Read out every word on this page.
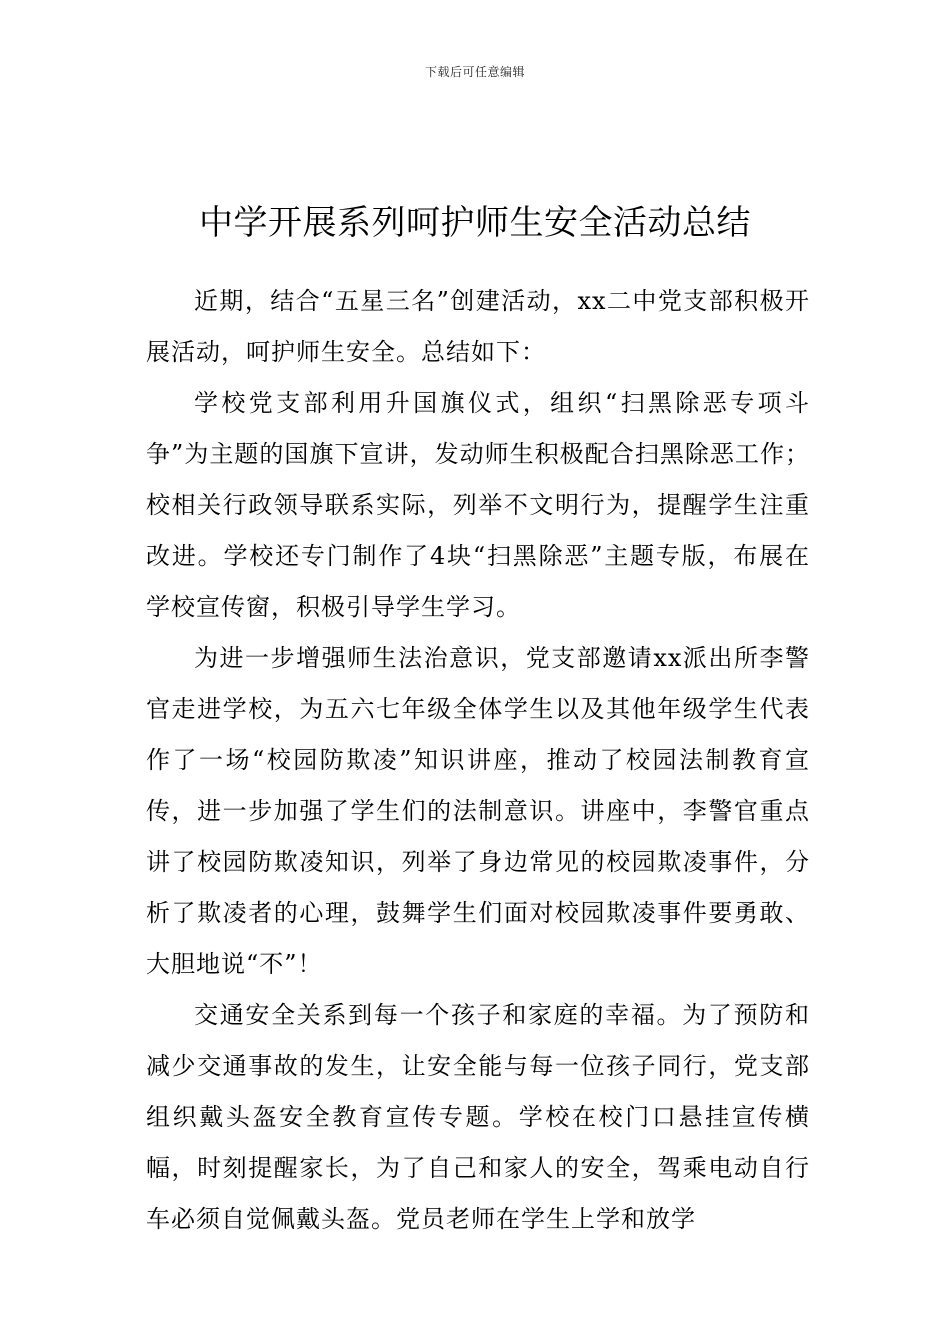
下载后可任意编辑
中学开展系列呵护师生安全活动总结

近期，结合“五星三名”创建活动，xx二中党支部积极开展活动，呵护师生安全。总结如下：

学校党支部利用升国旗仪式，组织“扫黑除恶专项斗争”为主题的国旗下宣讲，发动师生积极配合扫黑除恶工作；校相关行政领导联系实际，列举不文明行为，提醒学生注重改进。学校还专门制作了4块“扫黑除恶”主题专版，布展在学校宣传窗，积极引导学生学习。

为进一步增强师生法治意识，党支部邀请xx派出所李警官走进学校，为五六七年级全体学生以及其他年级学生代表作了一场“校园防欺凌”知识讲座，推动了校园法制教育宣传，进一步加强了学生们的法制意识。讲座中，李警官重点讲了校园防欺凌知识，列举了身边常见的校园欺凌事件，分析了欺凌者的心理，鼓舞学生们面对校园欺凌事件要勇敢、大胆地说“不”！

交通安全关系到每一个孩子和家庭的幸福。为了预防和减少交通事故的发生，让安全能与每一位孩子同行，党支部组织戴头盔安全教育宣传专题。学校在校门口悬挂宣传横幅，时刻提醒家长，为了自己和家人的安全，驾乘电动自行车必须自觉佩戴头盔。党员老师在学生上学和放学
